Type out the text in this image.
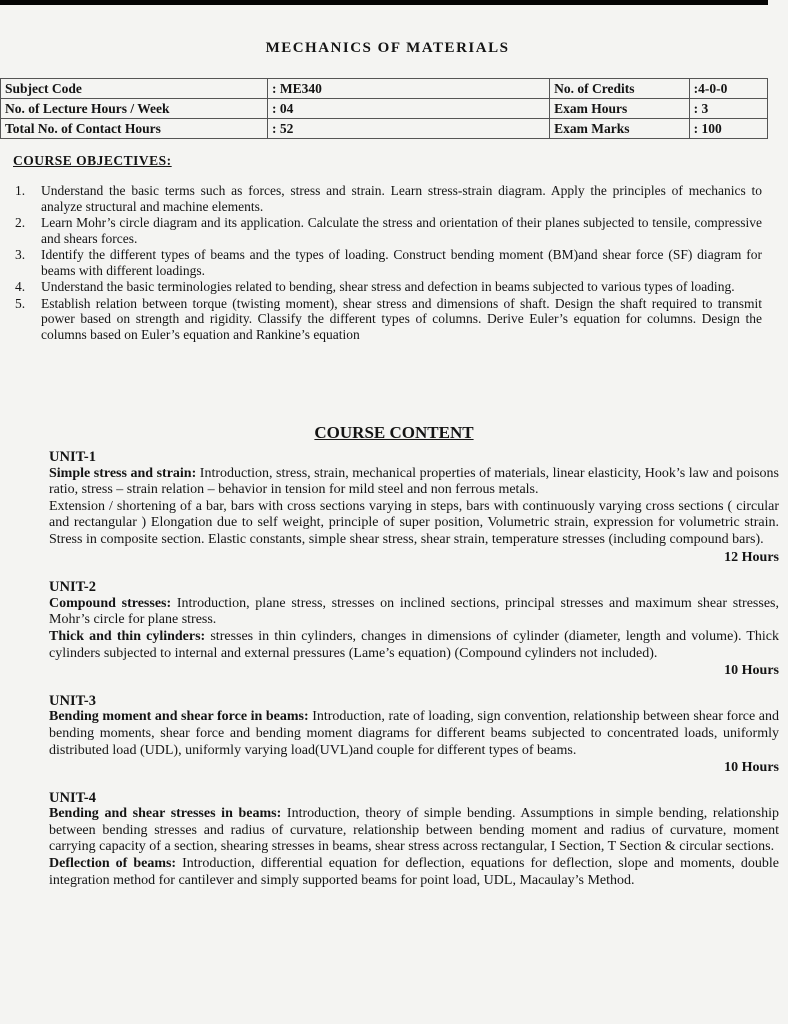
MECHANICS OF MATERIALS
Subject Code	: ME340	No. of Credits	:4-0-0
No. of Lecture Hours / Week	: 04	Exam Hours	: 3
Total No. of Contact Hours	: 52	Exam Marks	: 100
COURSE OBJECTIVES:
1. Understand the basic terms such as forces, stress and strain. Learn stress-strain diagram. Apply the principles of mechanics to analyze structural and machine elements.
2. Learn Mohr’s circle diagram and its application. Calculate the stress and orientation of their planes subjected to tensile, compressive and shears forces.
3. Identify the different types of beams and the types of loading. Construct bending moment (BM)and shear force (SF) diagram for beams with different loadings.
4. Understand the basic terminologies related to bending, shear stress and defection in beams subjected to various types of loading.
5. Establish relation between torque (twisting moment), shear stress and dimensions of shaft. Design the shaft required to transmit power based on strength and rigidity. Classify the different types of columns. Derive Euler’s equation for columns. Design the columns based on Euler’s equation and Rankine’s equation
COURSE CONTENT
UNIT-1
Simple stress and strain: Introduction, stress, strain, mechanical properties of materials, linear elasticity, Hook’s law and poisons ratio, stress – strain relation – behavior in tension for mild steel and non ferrous metals.
Extension / shortening of a bar, bars with cross sections varying in steps, bars with continuously varying cross sections ( circular and rectangular ) Elongation due to self weight, principle of super position, Volumetric strain, expression for volumetric strain. Stress in composite section. Elastic constants, simple shear stress, shear strain, temperature stresses (including compound bars).
12 Hours
UNIT-2
Compound stresses: Introduction, plane stress, stresses on inclined sections, principal stresses and maximum shear stresses, Mohr’s circle for plane stress.
Thick and thin cylinders: stresses in thin cylinders, changes in dimensions of cylinder (diameter, length and volume). Thick cylinders subjected to internal and external pressures (Lame’s equation) (Compound cylinders not included).
10 Hours
UNIT-3
Bending moment and shear force in beams: Introduction, rate of loading, sign convention, relationship between shear force and bending moments, shear force and bending moment diagrams for different beams subjected to concentrated loads, uniformly distributed load (UDL), uniformly varying load(UVL)and couple for different types of beams.
10 Hours
UNIT-4
Bending and shear stresses in beams: Introduction, theory of simple bending. Assumptions in simple bending, relationship between bending stresses and radius of curvature, relationship between bending moment and radius of curvature, moment carrying capacity of a section, shearing stresses in beams, shear stress across rectangular, I Section, T Section & circular sections.
Deflection of beams: Introduction, differential equation for deflection, equations for deflection, slope and moments, double integration method for cantilever and simply supported beams for point load, UDL, Macaulay’s Method.
